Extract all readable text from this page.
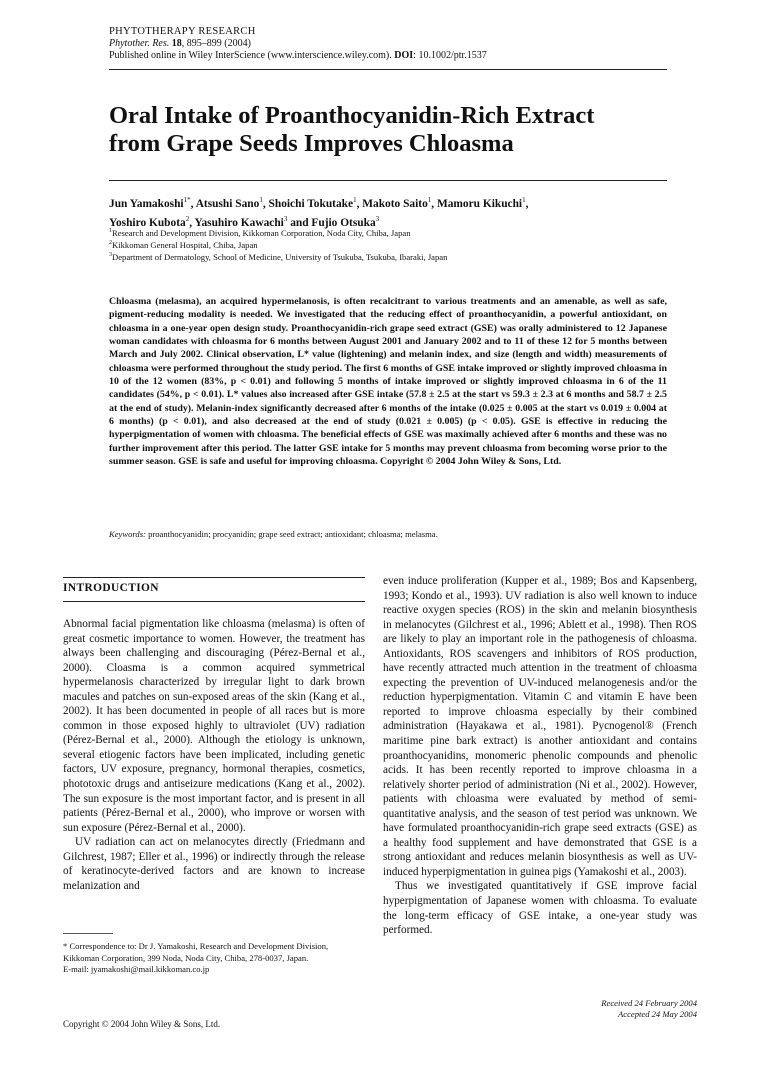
PHYTOTHERAPY RESEARCH
Phytother. Res. 18, 895–899 (2004)
Published online in Wiley InterScience (www.interscience.wiley.com). DOI: 10.1002/ptr.1537
Oral Intake of Proanthocyanidin-Rich Extract
from Grape Seeds Improves Chloasma
Jun Yamakoshi$^{1*}$, Atsushi Sano$^1$, Shoichi Tokutake$^1$, Makoto Saito$^1$, Mamoru Kikuchi$^1$,
Yoshiro Kubota$^2$, Yasuhiro Kawachi$^3$ and Fujio Otsuka$^3$
$^1$Research and Development Division, Kikkoman Corporation, Noda City, Chiba, Japan
$^2$Kikkoman General Hospital, Chiba, Japan
$^3$Department of Dermatology, School of Medicine, University of Tsukuba, Tsukuba, Ibaraki, Japan
Chloasma (melasma), an acquired hypermelanosis, is often recalcitrant to various treatments and an amenable, as well as safe, pigment-reducing modality is needed. We investigated that the reducing effect of proanthocyanidin, a powerful antioxidant, on chloasma in a one-year open design study. Proanthocyanidin-rich grape seed extract (GSE) was orally administered to 12 Japanese woman candidates with chloasma for 6 months between August 2001 and January 2002 and to 11 of these 12 for 5 months between March and July 2002. Clinical observation, L* value (lightening) and melanin index, and size (length and width) measurements of chloasma were performed throughout the study period. The first 6 months of GSE intake improved or slightly improved chloasma in 10 of the 12 women (83%, p < 0.01) and following 5 months of intake improved or slightly improved chloasma in 6 of the 11 candidates (54%, p < 0.01). L* values also increased after GSE intake (57.8 ± 2.5 at the start vs 59.3 ± 2.3 at 6 months and 58.7 ± 2.5 at the end of study). Melanin-index significantly decreased after 6 months of the intake (0.025 ± 0.005 at the start vs 0.019 ± 0.004 at 6 months) (p < 0.01), and also decreased at the end of study (0.021 ± 0.005) (p < 0.05). GSE is effective in reducing the hyperpigmentation of women with chloasma. The beneficial effects of GSE was maximally achieved after 6 months and these was no further improvement after this period. The latter GSE intake for 5 months may prevent chloasma from becoming worse prior to the summer season. GSE is safe and useful for improving chloasma. Copyright © 2004 John Wiley & Sons, Ltd.
Keywords: proanthocyanidin; procyanidin; grape seed extract; antioxidant; chloasma; melasma.
INTRODUCTION

Abnormal facial pigmentation like chloasma (melasma) is often of great cosmetic importance to women. However, the treatment has always been challenging and discouraging (Pérez-Bernal et al., 2000). Cloasma is a common acquired symmetrical hypermelanosis characterized by irregular light to dark brown macules and patches on sun-exposed areas of the skin (Kang et al., 2002). It has been documented in people of all races but is more common in those exposed highly to ultraviolet (UV) radiation (Pérez-Bernal et al., 2000). Although the etiology is unknown, several etiogenic factors have been implicated, including genetic factors, UV exposure, pregnancy, hormonal therapies, cosmetics, phototoxic drugs and antiseizure medications (Kang et al., 2002). The sun exposure is the most important factor, and is present in all patients (Pérez-Bernal et al., 2000), who improve or worsen with sun exposure (Pérez-Bernal et al., 2000).

UV radiation can act on melanocytes directly (Friedmann and Gilchrest, 1987; Eller et al., 1996) or indirectly through the release of keratinocyte-derived factors and are known to increase melanization and

even induce proliferation (Kupper et al., 1989; Bos and Kapsenberg, 1993; Kondo et al., 1993). UV radiation is also well known to induce reactive oxygen species (ROS) in the skin and melanin biosynthesis in melanocytes (Gilchrest et al., 1996; Ablett et al., 1998). Then ROS are likely to play an important role in the pathogenesis of chloasma. Antioxidants, ROS scavengers and inhibitors of ROS production, have recently attracted much attention in the treatment of chloasma expecting the prevention of UV-induced melanogenesis and/or the reduction hyperpigmentation. Vitamin C and vitamin E have been reported to improve chloasma especially by their combined administration (Hayakawa et al., 1981). Pycnogenol® (French maritime pine bark extract) is another antioxidant and contains proanthocyanidins, monomeric phenolic compounds and phenolic acids. It has been recently reported to improve chloasma in a relatively shorter period of administration (Ni et al., 2002). However, patients with chloasma were evaluated by method of semi-quantitative analysis, and the season of test period was unknown. We have formulated proanthocyanidin-rich grape seed extracts (GSE) as a healthy food supplement and have demonstrated that GSE is a strong antioxidant and reduces melanin biosynthesis as well as UV-induced hyperpigmentation in guinea pigs (Yamakoshi et al., 2003).

Thus we investigated quantitatively if GSE improve facial hyperpigmentation of Japanese women with chloasma. To evaluate the long-term efficacy of GSE intake, a one-year study was performed.

* Correspondence to: Dr J. Yamakoshi, Research and Development Division, Kikkoman Corporation, 399 Noda, Noda City, Chiba, 278-0037, Japan.
E-mail: jyamakoshi@mail.kikkoman.co.jp
Received 24 February 2004
Accepted 24 May 2004
Copyright © 2004 John Wiley & Sons, Ltd.
